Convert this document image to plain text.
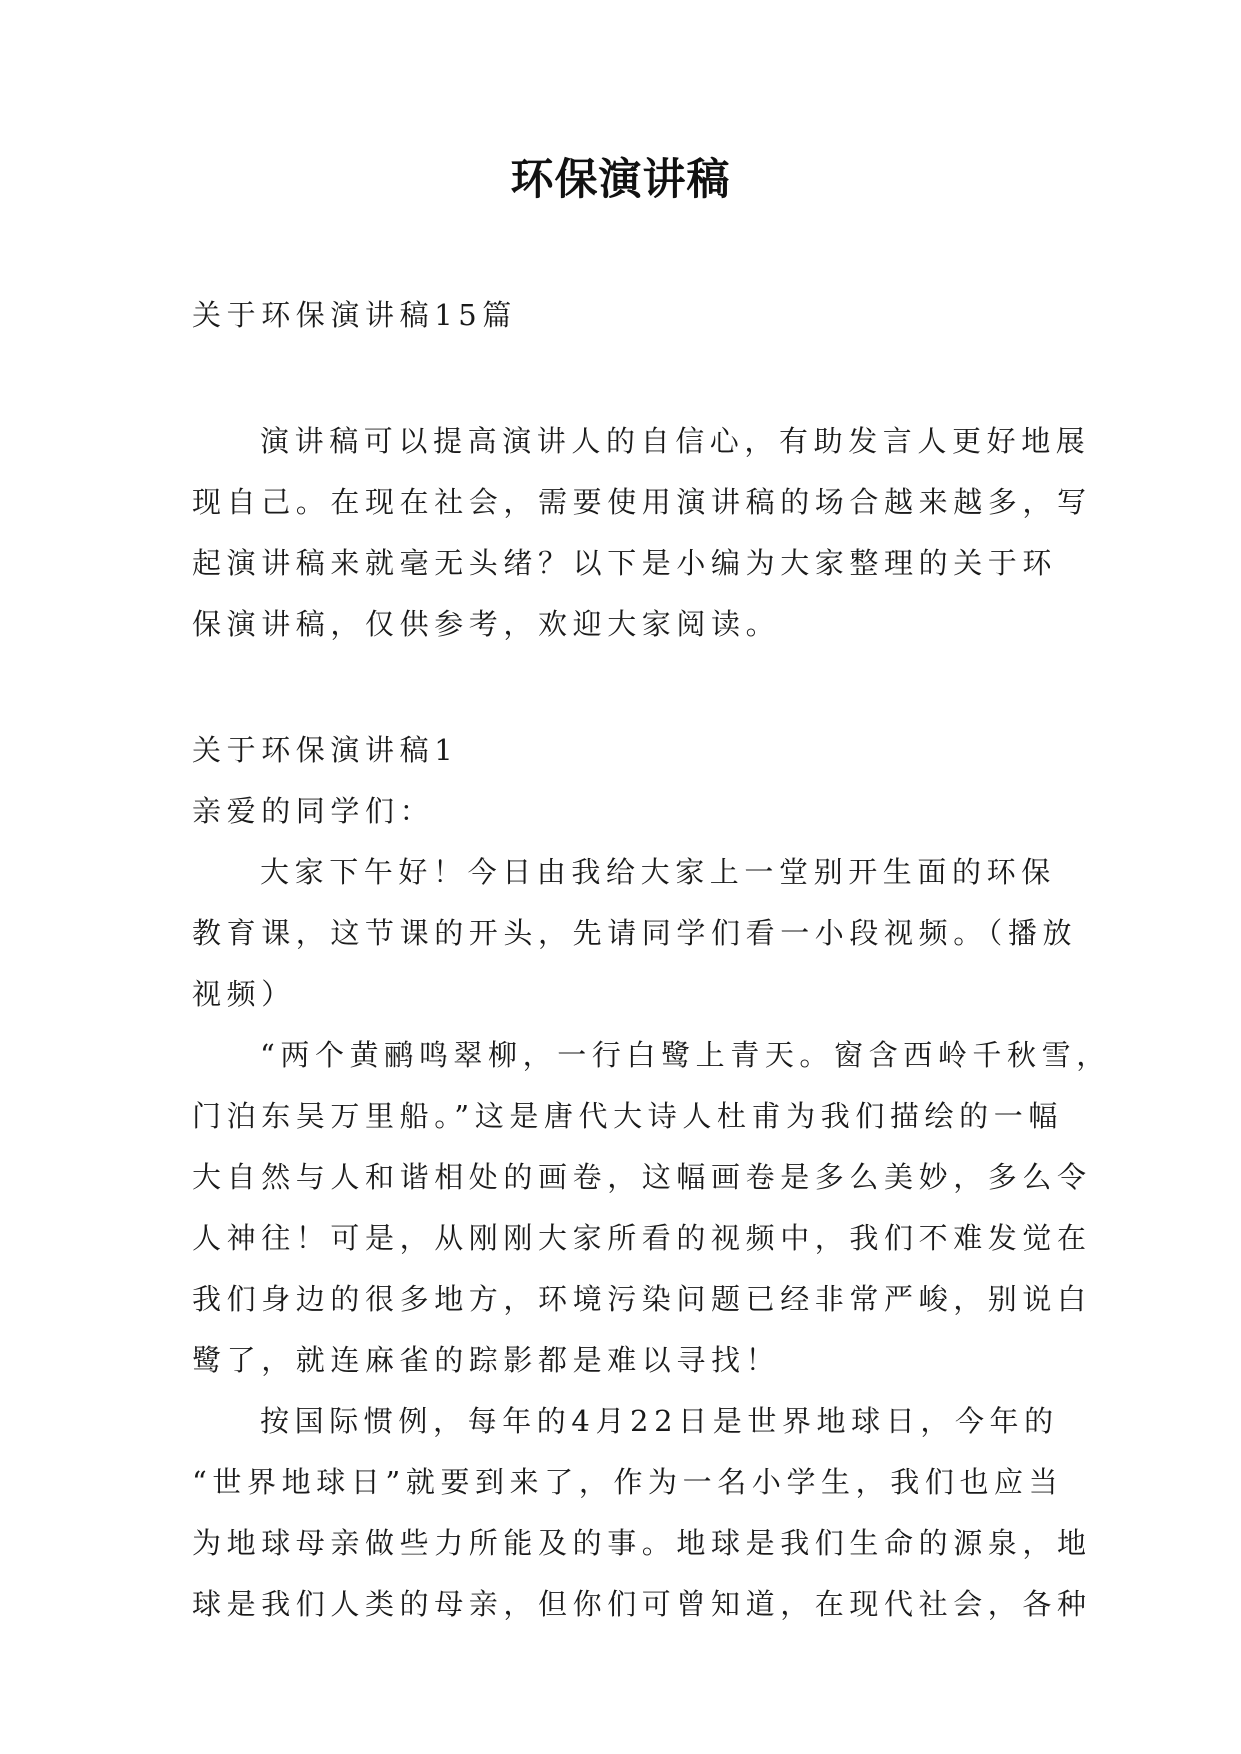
环保演讲稿
关于环保演讲稿15篇
演讲稿可以提高演讲人的自信心，有助发言人更好地展
现自己。在现在社会，需要使用演讲稿的场合越来越多，写
起演讲稿来就毫无头绪？以下是小编为大家整理的关于环
保演讲稿，仅供参考，欢迎大家阅读。
关于环保演讲稿1
亲爱的同学们：
大家下午好！今日由我给大家上一堂别开生面的环保
教育课，这节课的开头，先请同学们看一小段视频。（播放
视频）
“两个黄鹂鸣翠柳，一行白鹭上青天。窗含西岭千秋雪，
门泊东吴万里船。”这是唐代大诗人杜甫为我们描绘的一幅
大自然与人和谐相处的画卷，这幅画卷是多么美妙，多么令
人神往！可是，从刚刚大家所看的视频中，我们不难发觉在
我们身边的很多地方，环境污染问题已经非常严峻，别说白
鹭了，就连麻雀的踪影都是难以寻找！
按国际惯例，每年的4月22日是世界地球日，今年的
“世界地球日”就要到来了，作为一名小学生，我们也应当
为地球母亲做些力所能及的事。地球是我们生命的源泉，地
球是我们人类的母亲，但你们可曾知道，在现代社会，各种
